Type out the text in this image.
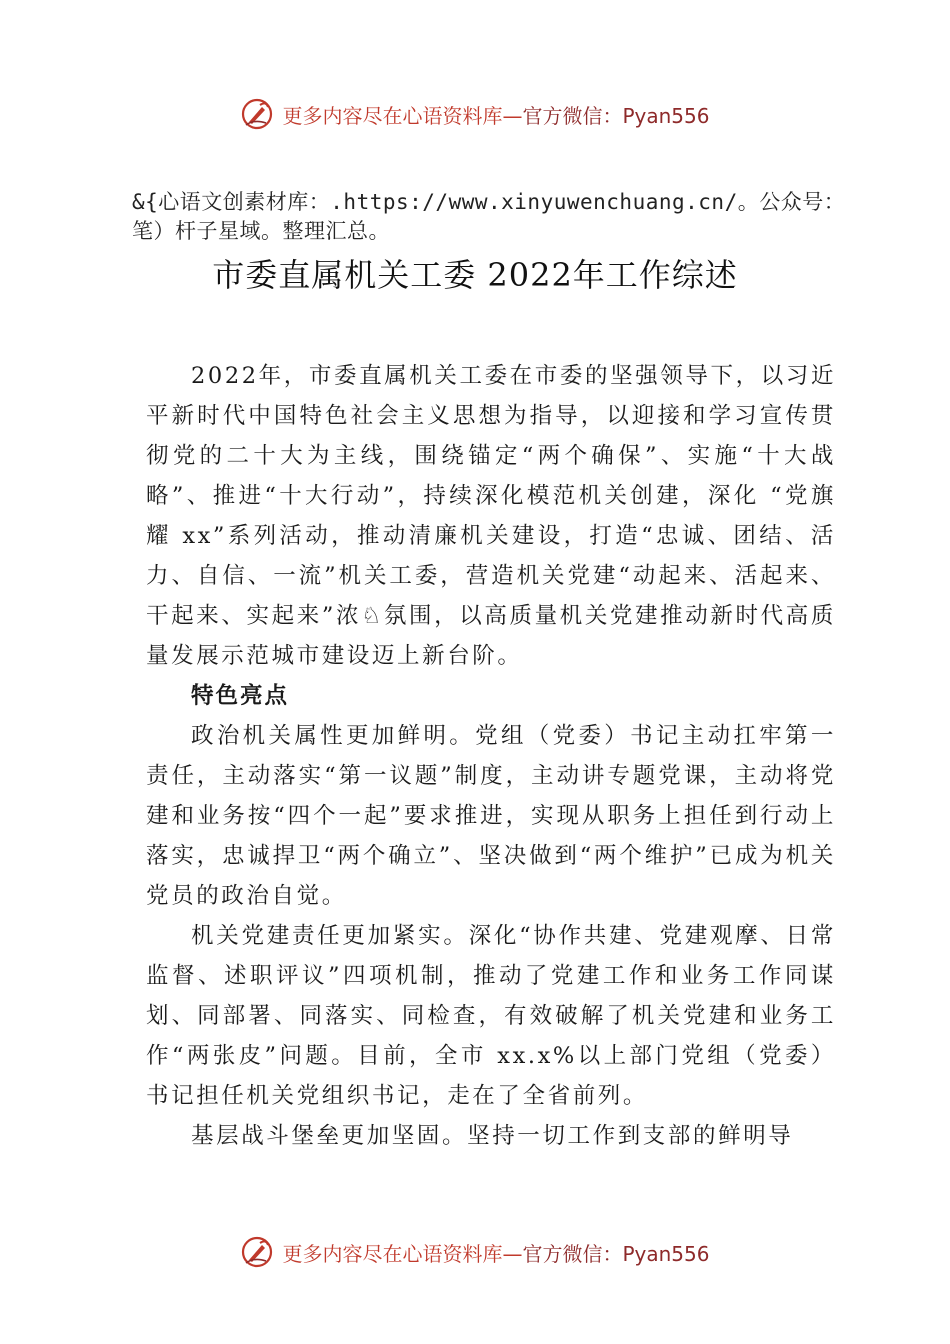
更多内容尽在心语资料库—官方微信：Pyan556
&{心语文创素材库：.https://www.xinyuwenchuang.cn/。公众号：笔）杆子星域。整理汇总。
市委直属机关工委 2022年工作综述

2022年，市委直属机关工委在市委的坚强领导下，以习近平新时代中国特色社会主义思想为指导，以迎接和学习宣传贯彻党的二十大为主线，围绕锚定“两个确保”、实施“十大战略”、推进“十大行动”，持续深化模范机关创建，深化 “党旗耀 xx”系列活动，推动清廉机关建设，打造“忠诚、团结、活力、自信、一流”机关工委，营造机关党建“动起来、活起来、干起来、实起来”浓♘氛围，以高质量机关党建推动新时代高质量发展示范城市建设迈上新台阶。

特色亮点

政治机关属性更加鲜明。党组（党委）书记主动扛牢第一责任，主动落实“第一议题”制度，主动讲专题党课，主动将党建和业务按“四个一起”要求推进，实现从职务上担任到行动上落实，忠诚捍卫“两个确立”、坚决做到“两个维护”已成为机关党员的政治自觉。

机关党建责任更加紧实。深化“协作共建、党建观摩、日常监督、述职评议”四项机制，推动了党建工作和业务工作同谋划、同部署、同落实、同检查，有效破解了机关党建和业务工作“两张皮”问题。目前，全市 xx.x%以上部门党组（党委）书记担任机关党组织书记，走在了全省前列。

基层战斗堡垒更加坚固。坚持一切工作到支部的鲜明导

更多内容尽在心语资料库—官方微信：Pyan556
